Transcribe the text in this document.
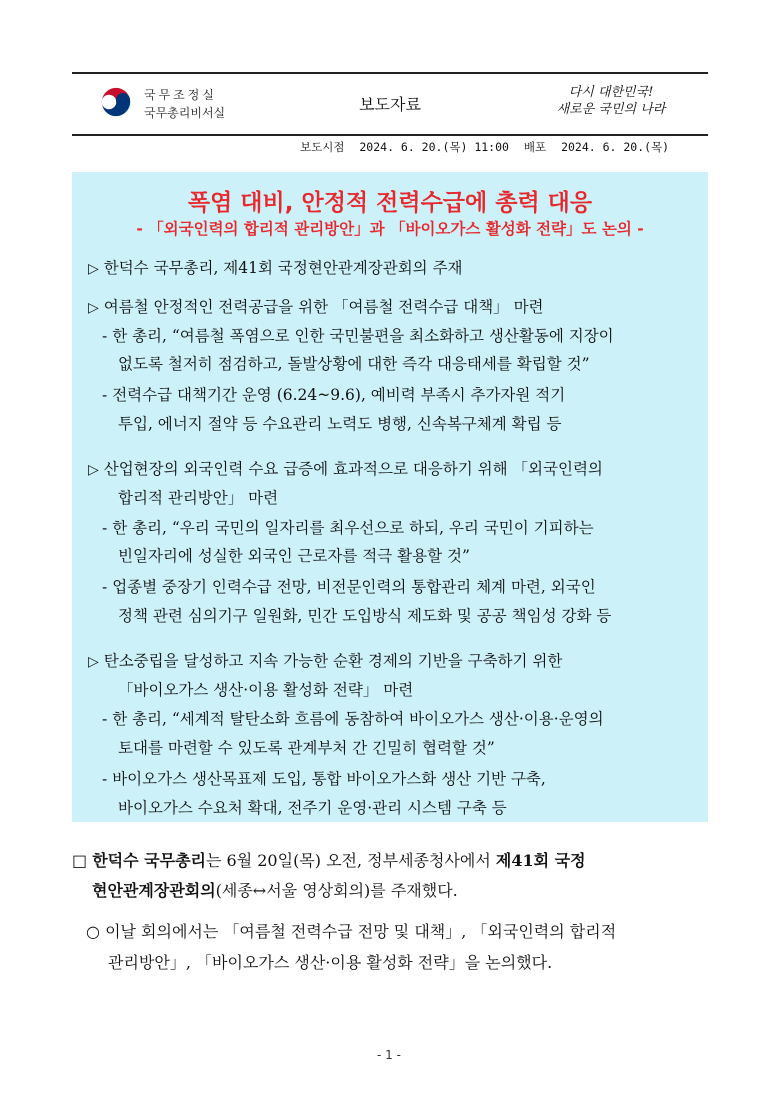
국무조정실
국무총리비서실	보도자료
다시 대한민국!
새로운 국민의 나라
보도시점 2024. 6. 20.(목) 11:00 배포 2024. 6. 20.(목)
폭염 대비, 안정적 전력수급에 총력 대응
- 「외국인력의 합리적 관리방안」과 「바이오가스 활성화 전략」도 논의 -
▷ 한덕수 국무총리, 제41회 국정현안관계장관회의 주재
▷ 여름철 안정적인 전력공급을 위한 「여름철 전력수급 대책」 마련
- 한 총리, “여름철 폭염으로 인한 국민불편을 최소화하고 생산활동에 지장이
없도록 철저히 점검하고, 돌발상황에 대한 즉각 대응태세를 확립할 것”
- 전력수급 대책기간 운영 (6.24~9.6), 예비력 부족시 추가자원 적기
투입, 에너지 절약 등 수요관리 노력도 병행, 신속복구체계 확립 등
▷ 산업현장의 외국인력 수요 급증에 효과적으로 대응하기 위해 「외국인력의
합리적 관리방안」 마련
- 한 총리, “우리 국민의 일자리를 최우선으로 하되, 우리 국민이 기피하는
빈일자리에 성실한 외국인 근로자를 적극 활용할 것”
- 업종별 중장기 인력수급 전망, 비전문인력의 통합관리 체계 마련, 외국인
정책 관련 심의기구 일원화, 민간 도입방식 제도화 및 공공 책임성 강화 등
▷ 탄소중립을 달성하고 지속 가능한 순환 경제의 기반을 구축하기 위한
「바이오가스 생산·이용 활성화 전략」 마련
- 한 총리, “세계적 탈탄소화 흐름에 동참하여 바이오가스 생산·이용·운영의
토대를 마련할 수 있도록 관계부처 간 긴밀히 협력할 것”
- 바이오가스 생산목표제 도입, 통합 바이오가스화 생산 기반 구축,
바이오가스 수요처 확대, 전주기 운영·관리 시스템 구축 등
□ 한덕수 국무총리는 6월 20일(목) 오전, 정부세종청사에서 제41회 국정
현안관계장관회의(세종↔서울 영상회의)를 주재했다.
○ 이날 회의에서는 「여름철 전력수급 전망 및 대책」, 「외국인력의 합리적
관리방안」, 「바이오가스 생산·이용 활성화 전략」을 논의했다.
- 1 -
